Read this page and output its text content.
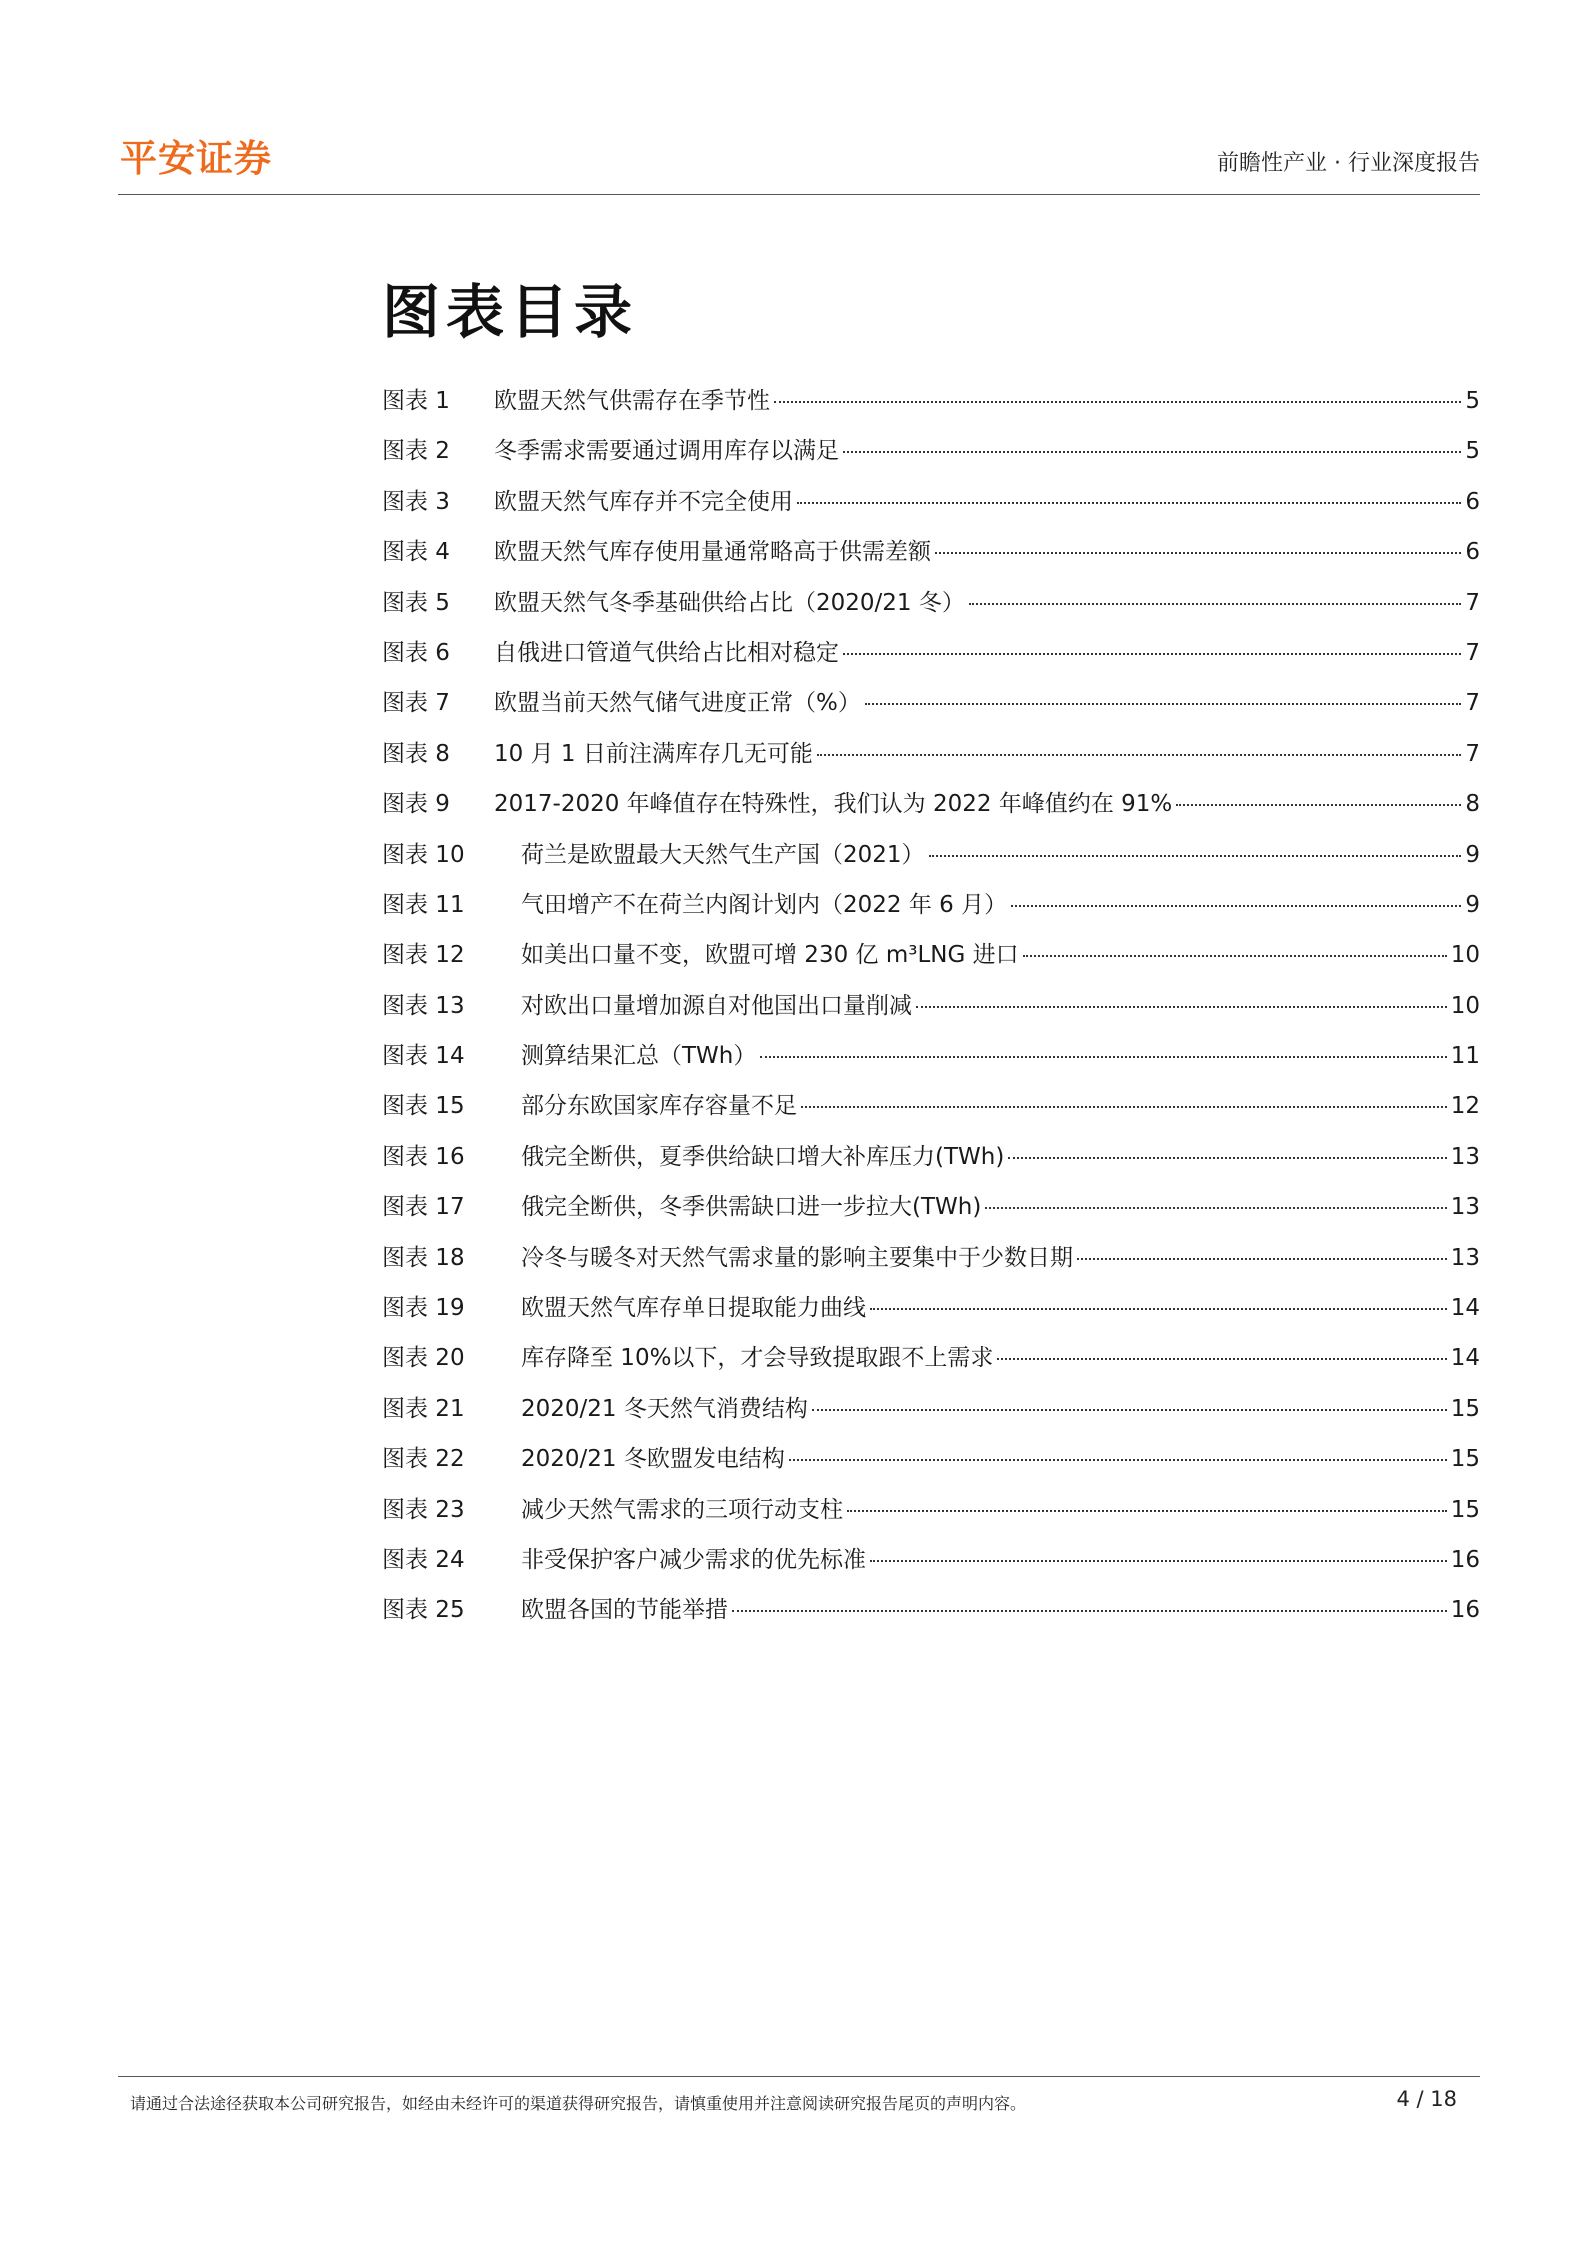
平安证券	前瞻性产业 · 行业深度报告
图表目录
图表 1	欧盟天然气供需存在季节性	5
图表 2	冬季需求需要通过调用库存以满足	5
图表 3	欧盟天然气库存并不完全使用	6
图表 4	欧盟天然气库存使用量通常略高于供需差额	6
图表 5	欧盟天然气冬季基础供给占比（2020/21 冬）	7
图表 6	自俄进口管道气供给占比相对稳定	7
图表 7	欧盟当前天然气储气进度正常（%）	7
图表 8	10 月 1 日前注满库存几无可能	7
图表 9	2017-2020 年峰值存在特殊性，我们认为 2022 年峰值约在 91%	8
图表 10	荷兰是欧盟最大天然气生产国（2021）	9
图表 11	气田增产不在荷兰内阁计划内（2022 年 6 月）	9
图表 12	如美出口量不变，欧盟可增 230 亿 m³LNG 进口	10
图表 13	对欧出口量增加源自对他国出口量削减	10
图表 14	测算结果汇总（TWh）	11
图表 15	部分东欧国家库存容量不足	12
图表 16	俄完全断供，夏季供给缺口增大补库压力(TWh)	13
图表 17	俄完全断供，冬季供需缺口进一步拉大(TWh)	13
图表 18	冷冬与暖冬对天然气需求量的影响主要集中于少数日期	13
图表 19	欧盟天然气库存单日提取能力曲线	14
图表 20	库存降至 10%以下，才会导致提取跟不上需求	14
图表 21	2020/21 冬天然气消费结构	15
图表 22	2020/21 冬欧盟发电结构	15
图表 23	减少天然气需求的三项行动支柱	15
图表 24	非受保护客户减少需求的优先标准	16
图表 25	欧盟各国的节能举措	16
请通过合法途径获取本公司研究报告，如经由未经许可的渠道获得研究报告，请慎重使用并注意阅读研究报告尾页的声明内容。	4 / 18
